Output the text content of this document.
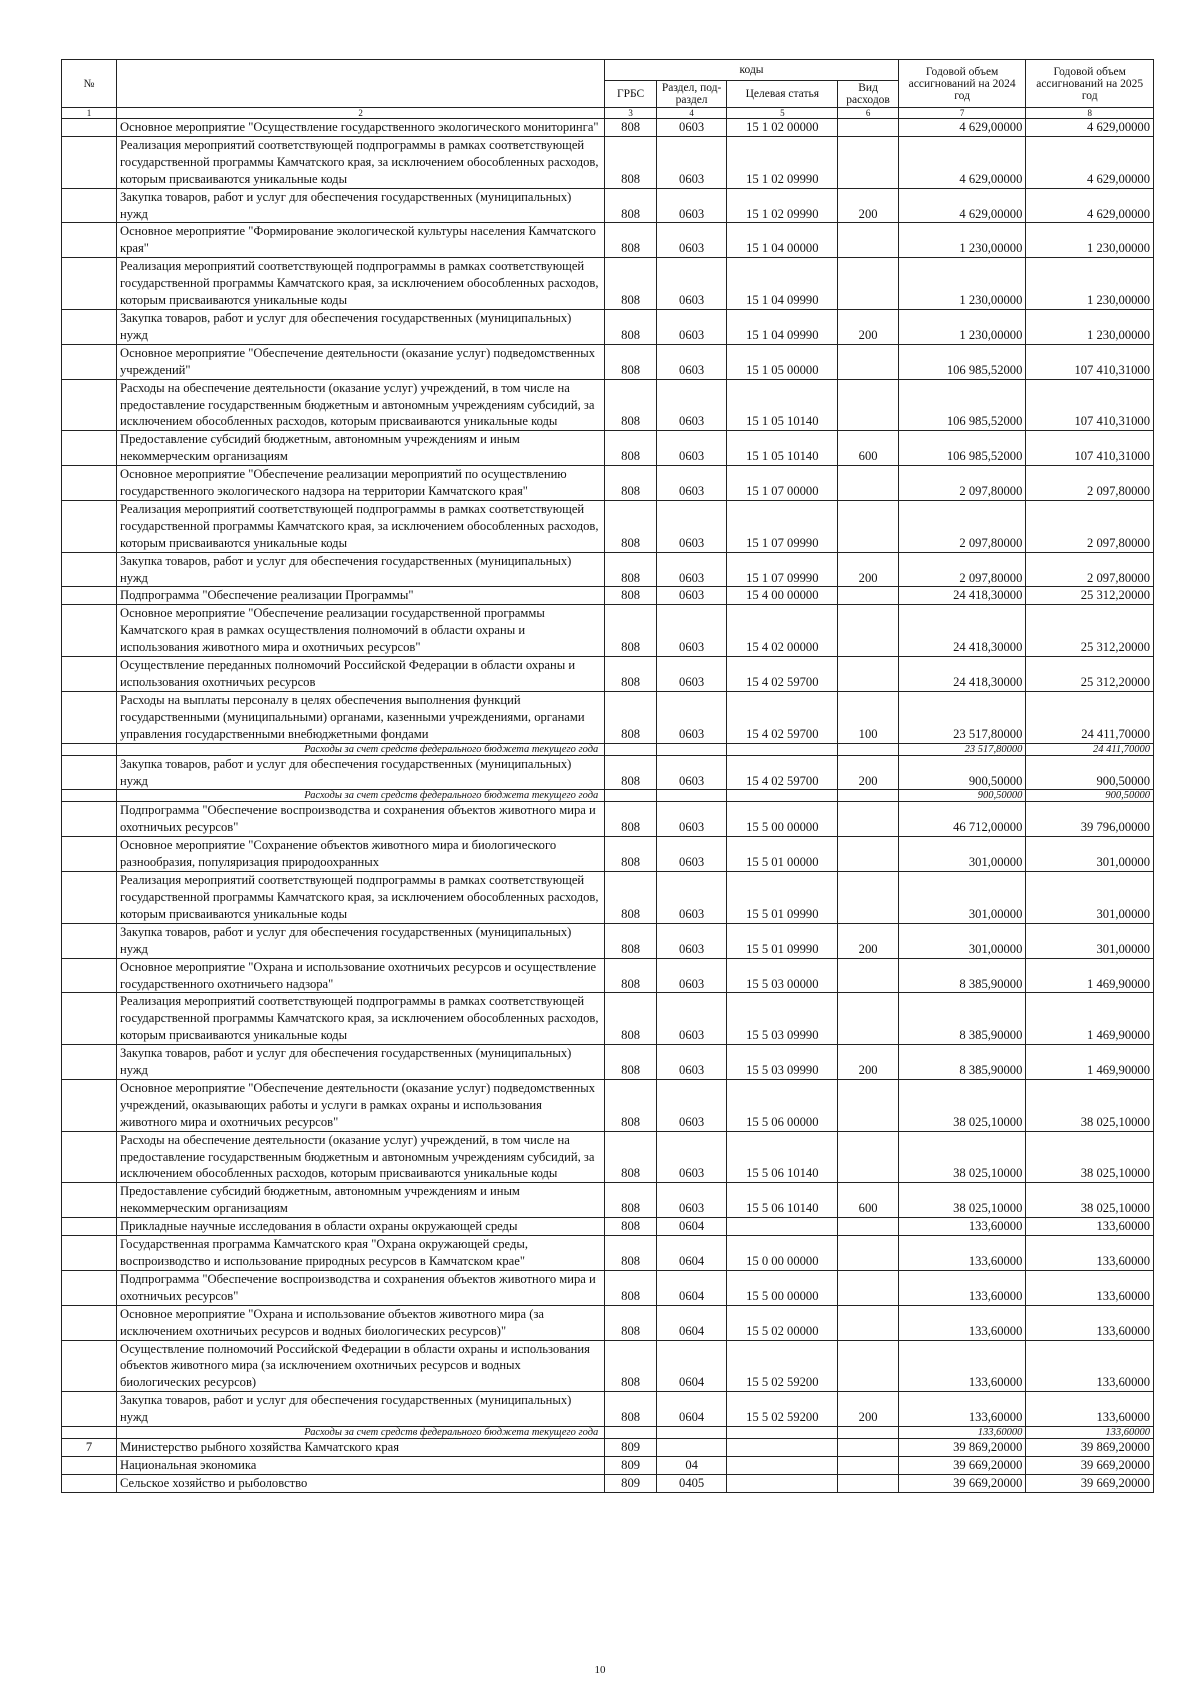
№		коды				Годовой объем ассигнований на 2024 год	Годовой объем ассигнований на 2025 год
		ГРБС	Раздел, под-раздел	Целевая статья	Вид расходов		
1	2	3	4	5	6	7	8
	Основное мероприятие "Осуществление государственного экологического мониторинга"	808	0603	15 1 02 00000		4 629,00000	4 629,00000
	Реализация мероприятий соответствующей подпрограммы в рамках соответствующей государственной программы Камчатского края, за исключением обособленных расходов, которым присваиваются уникальные коды	808	0603	15 1 02 09990		4 629,00000	4 629,00000
	Закупка товаров, работ и услуг для обеспечения государственных (муниципальных) нужд	808	0603	15 1 02 09990	200	4 629,00000	4 629,00000
	Основное мероприятие "Формирование экологической культуры населения Камчатского края"	808	0603	15 1 04 00000		1 230,00000	1 230,00000
	Реализация мероприятий соответствующей подпрограммы в рамках соответствующей государственной программы Камчатского края, за исключением обособленных расходов, которым присваиваются уникальные коды	808	0603	15 1 04 09990		1 230,00000	1 230,00000
	Закупка товаров, работ и услуг для обеспечения государственных (муниципальных) нужд	808	0603	15 1 04 09990	200	1 230,00000	1 230,00000
	Основное мероприятие "Обеспечение деятельности (оказание услуг) подведомственных учреждений"	808	0603	15 1 05 00000		106 985,52000	107 410,31000
	Расходы на обеспечение деятельности (оказание услуг) учреждений, в том числе на предоставление государственным бюджетным и автономным учреждениям субсидий, за исключением обособленных расходов, которым присваиваются уникальные коды	808	0603	15 1 05 10140		106 985,52000	107 410,31000
	Предоставление субсидий бюджетным, автономным учреждениям и иным некоммерческим организациям	808	0603	15 1 05 10140	600	106 985,52000	107 410,31000
	Основное мероприятие "Обеспечение реализации мероприятий по осуществлению государственного экологического надзора на территории Камчатского края"	808	0603	15 1 07 00000		2 097,80000	2 097,80000
	Реализация мероприятий соответствующей подпрограммы в рамках соответствующей государственной программы Камчатского края, за исключением обособленных расходов, которым присваиваются уникальные коды	808	0603	15 1 07 09990		2 097,80000	2 097,80000
	Закупка товаров, работ и услуг для обеспечения государственных (муниципальных) нужд	808	0603	15 1 07 09990	200	2 097,80000	2 097,80000
	Подпрограмма "Обеспечение реализации Программы"	808	0603	15 4 00 00000		24 418,30000	25 312,20000
	Основное мероприятие "Обеспечение реализации государственной программы Камчатского края в рамках осуществления полномочий в области охраны и использования животного мира и охотничьих ресурсов"	808	0603	15 4 02 00000		24 418,30000	25 312,20000
	Осуществление переданных полномочий Российской Федерации в области охраны и использования охотничьих ресурсов	808	0603	15 4 02 59700		24 418,30000	25 312,20000
	Расходы на выплаты персоналу в целях обеспечения выполнения функций государственными (муниципальными) органами, казенными учреждениями, органами управления государственными внебюджетными фондами	808	0603	15 4 02 59700	100	23 517,80000	24 411,70000
	Расходы за счет средств федерального бюджета текущего года					23 517,80000	24 411,70000
	Закупка товаров, работ и услуг для обеспечения государственных (муниципальных) нужд	808	0603	15 4 02 59700	200	900,50000	900,50000
	Расходы за счет средств федерального бюджета текущего года					900,50000	900,50000
	Подпрограмма "Обеспечение воспроизводства и сохранения объектов животного мира и охотничьих ресурсов"	808	0603	15 5 00 00000		46 712,00000	39 796,00000
	Основное мероприятие "Сохранение объектов животного мира и биологического разнообразия, популяризация природоохранных	808	0603	15 5 01 00000		301,00000	301,00000
	Реализация мероприятий соответствующей подпрограммы в рамках соответствующей государственной программы Камчатского края, за исключением обособленных расходов, которым присваиваются уникальные коды	808	0603	15 5 01 09990		301,00000	301,00000
	Закупка товаров, работ и услуг для обеспечения государственных (муниципальных) нужд	808	0603	15 5 01 09990	200	301,00000	301,00000
	Основное мероприятие "Охрана и использование охотничьих ресурсов и осуществление государственного охотничьего надзора"	808	0603	15 5 03 00000		8 385,90000	1 469,90000
	Реализация мероприятий соответствующей подпрограммы в рамках соответствующей государственной программы Камчатского края, за исключением обособленных расходов, которым присваиваются уникальные коды	808	0603	15 5 03 09990		8 385,90000	1 469,90000
	Закупка товаров, работ и услуг для обеспечения государственных (муниципальных) нужд	808	0603	15 5 03 09990	200	8 385,90000	1 469,90000
	Основное мероприятие "Обеспечение деятельности (оказание услуг) подведомственных учреждений, оказывающих работы и услуги в рамках охраны и использования животного мира и охотничьих ресурсов"	808	0603	15 5 06 00000		38 025,10000	38 025,10000
	Расходы на обеспечение деятельности (оказание услуг) учреждений, в том числе на предоставление государственным бюджетным и автономным учреждениям субсидий, за исключением обособленных расходов, которым присваиваются уникальные коды	808	0603	15 5 06 10140		38 025,10000	38 025,10000
	Предоставление субсидий бюджетным, автономным учреждениям и иным некоммерческим организациям	808	0603	15 5 06 10140	600	38 025,10000	38 025,10000
	Прикладные научные исследования в области охраны окружающей среды	808	0604			133,60000	133,60000
	Государственная программа Камчатского края "Охрана окружающей среды, воспроизводство и использование природных ресурсов в Камчатском крае"	808	0604	15 0 00 00000		133,60000	133,60000
	Подпрограмма "Обеспечение воспроизводства и сохранения объектов животного мира и охотничьих ресурсов"	808	0604	15 5 00 00000		133,60000	133,60000
	Основное мероприятие "Охрана и использование объектов животного мира (за исключением охотничьих ресурсов и водных биологических ресурсов)"	808	0604	15 5 02 00000		133,60000	133,60000
	Осуществление полномочий Российской Федерации в области охраны и использования объектов животного мира (за исключением охотничьих ресурсов и водных биологических ресурсов)	808	0604	15 5 02 59200		133,60000	133,60000
	Закупка товаров, работ и услуг для обеспечения государственных (муниципальных) нужд	808	0604	15 5 02 59200	200	133,60000	133,60000
	Расходы за счет средств федерального бюджета текущего года					133,60000	133,60000
7	Министерство рыбного хозяйства Камчатского края	809				39 869,20000	39 869,20000
	Национальная экономика	809	04			39 669,20000	39 669,20000
	Сельское хозяйство и рыболовство	809	0405			39 669,20000	39 669,20000
10
